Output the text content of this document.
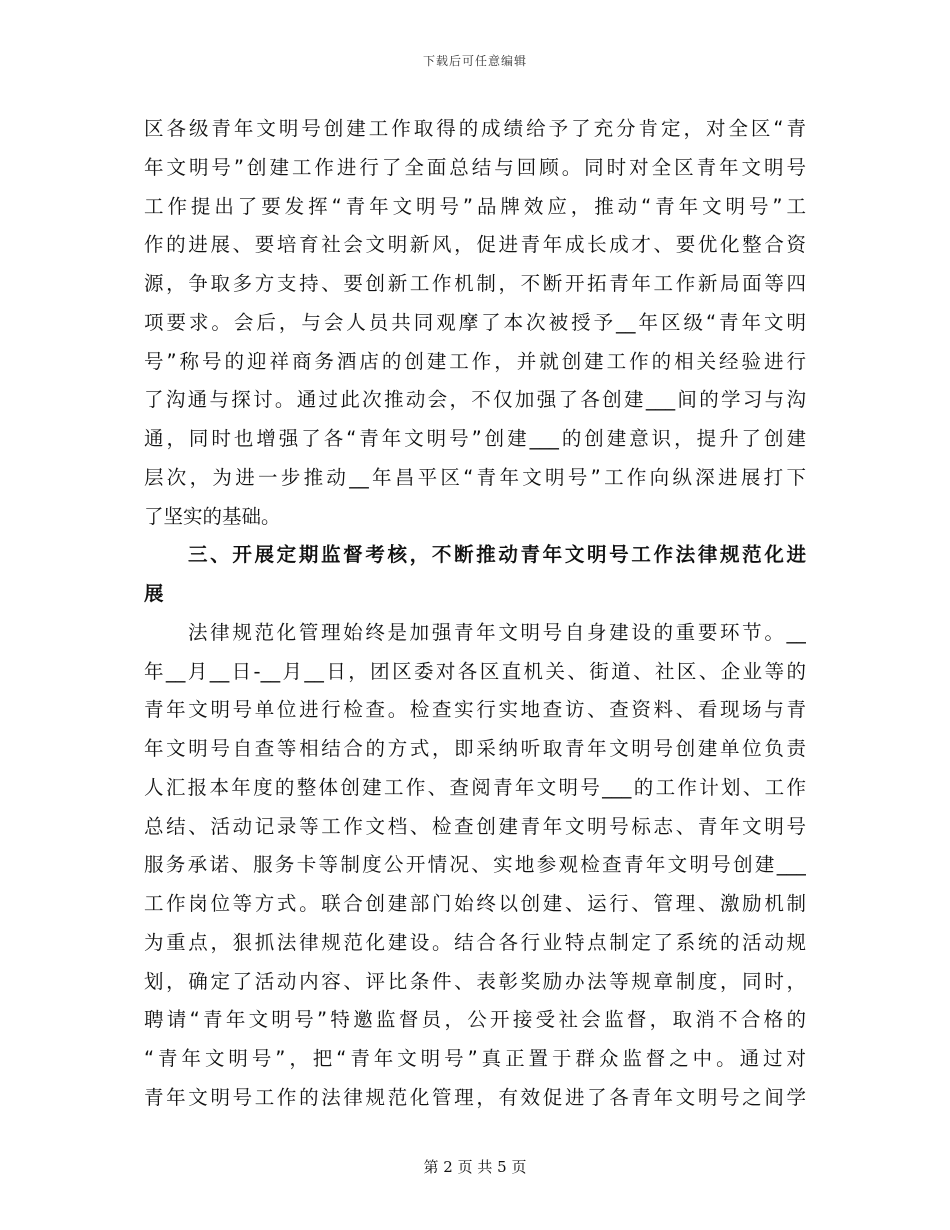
下载后可任意编辑
区各级青年文明号创建工作取得的成绩给予了充分肯定，对全区“青
年文明号”创建工作进行了全面总结与回顾。同时对全区青年文明号
工作提出了要发挥“青年文明号”品牌效应，推动“青年文明号”工
作的进展、要培育社会文明新风，促进青年成长成才、要优化整合资
源，争取多方支持、要创新工作机制，不断开拓青年工作新局面等四
项要求。会后，与会人员共同观摩了本次被授予__年区级“青年文明
号”称号的迎祥商务酒店的创建工作，并就创建工作的相关经验进行
了沟通与探讨。通过此次推动会，不仅加强了各创建___间的学习与沟
通，同时也增强了各“青年文明号”创建___的创建意识，提升了创建
层次，为进一步推动__年昌平区“青年文明号”工作向纵深进展打下
了坚实的基础。
三、开展定期监督考核，不断推动青年文明号工作法律规范化进
展
法律规范化管理始终是加强青年文明号自身建设的重要环节。__
年__月__日-__月__日，团区委对各区直机关、街道、社区、企业等的
青年文明号单位进行检查。检查实行实地查访、查资料、看现场与青
年文明号自查等相结合的方式，即采纳听取青年文明号创建单位负责
人汇报本年度的整体创建工作、查阅青年文明号___的工作计划、工作
总结、活动记录等工作文档、检查创建青年文明号标志、青年文明号
服务承诺、服务卡等制度公开情况、实地参观检查青年文明号创建___
工作岗位等方式。联合创建部门始终以创建、运行、管理、激励机制
为重点，狠抓法律规范化建设。结合各行业特点制定了系统的活动规
划，确定了活动内容、评比条件、表彰奖励办法等规章制度，同时，
聘请“青年文明号”特邀监督员，公开接受社会监督，取消不合格的
“青年文明号”，把“青年文明号”真正置于群众监督之中。通过对
青年文明号工作的法律规范化管理，有效促进了各青年文明号之间学
第 2 页 共 5 页
